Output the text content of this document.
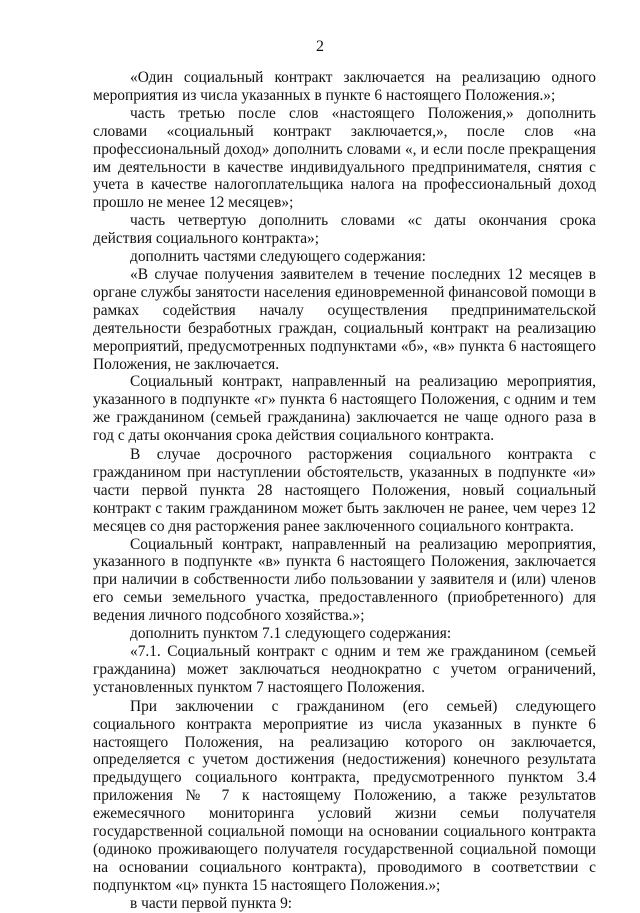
2

«Один социальный контракт заключается на реализацию одного мероприятия из числа указанных в пункте 6 настоящего Положения.»;

часть третью после слов «настоящего Положения,» дополнить словами «социальный контракт заключается,», после слов «на профессиональный доход» дополнить словами «, и если после прекращения им деятельности в качестве индивидуального предпринимателя, снятия с учета в качестве налогоплательщика налога на профессиональный доход прошло не менее 12 месяцев»;

часть четвертую дополнить словами «с даты окончания срока действия социального контракта»;

дополнить частями следующего содержания:

«В случае получения заявителем в течение последних 12 месяцев в органе службы занятости населения единовременной финансовой помощи в рамках содействия началу осуществления предпринимательской деятельности безработных граждан, социальный контракт на реализацию мероприятий, предусмотренных подпунктами «б», «в» пункта 6 настоящего Положения, не заключается.

Социальный контракт, направленный на реализацию мероприятия, указанного в подпункте «г» пункта 6 настоящего Положения, с одним и тем же гражданином (семьей гражданина) заключается не чаще одного раза в год с даты окончания срока действия социального контракта.

В случае досрочного расторжения социального контракта с гражданином при наступлении обстоятельств, указанных в подпункте «и» части первой пункта 28 настоящего Положения, новый социальный контракт с таким гражданином может быть заключен не ранее, чем через 12 месяцев со дня расторжения ранее заключенного социального контракта.

Социальный контракт, направленный на реализацию мероприятия, указанного в подпункте «в» пункта 6 настоящего Положения, заключается при наличии в собственности либо пользовании у заявителя и (или) членов его семьи земельного участка, предоставленного (приобретенного) для ведения личного подсобного хозяйства.»;

дополнить пунктом 7.1 следующего содержания:

«7.1. Социальный контракт с одним и тем же гражданином (семьей гражданина) может заключаться неоднократно с учетом ограничений, установленных пунктом 7 настоящего Положения.

При заключении с гражданином (его семьей) следующего социального контракта мероприятие из числа указанных в пункте 6 настоящего Положения, на реализацию которого он заключается, определяется с учетом достижения (недостижения) конечного результата предыдущего социального контракта, предусмотренного пунктом 3.4 приложения № 7 к настоящему Положению, а также результатов ежемесячного мониторинга условий жизни семьи получателя государственной социальной помощи на основании социального контракта (одиноко проживающего получателя государственной социальной помощи на основании социального контракта), проводимого в соответствии с подпунктом «ц» пункта 15 настоящего Положения.»;

в части первой пункта 9:
